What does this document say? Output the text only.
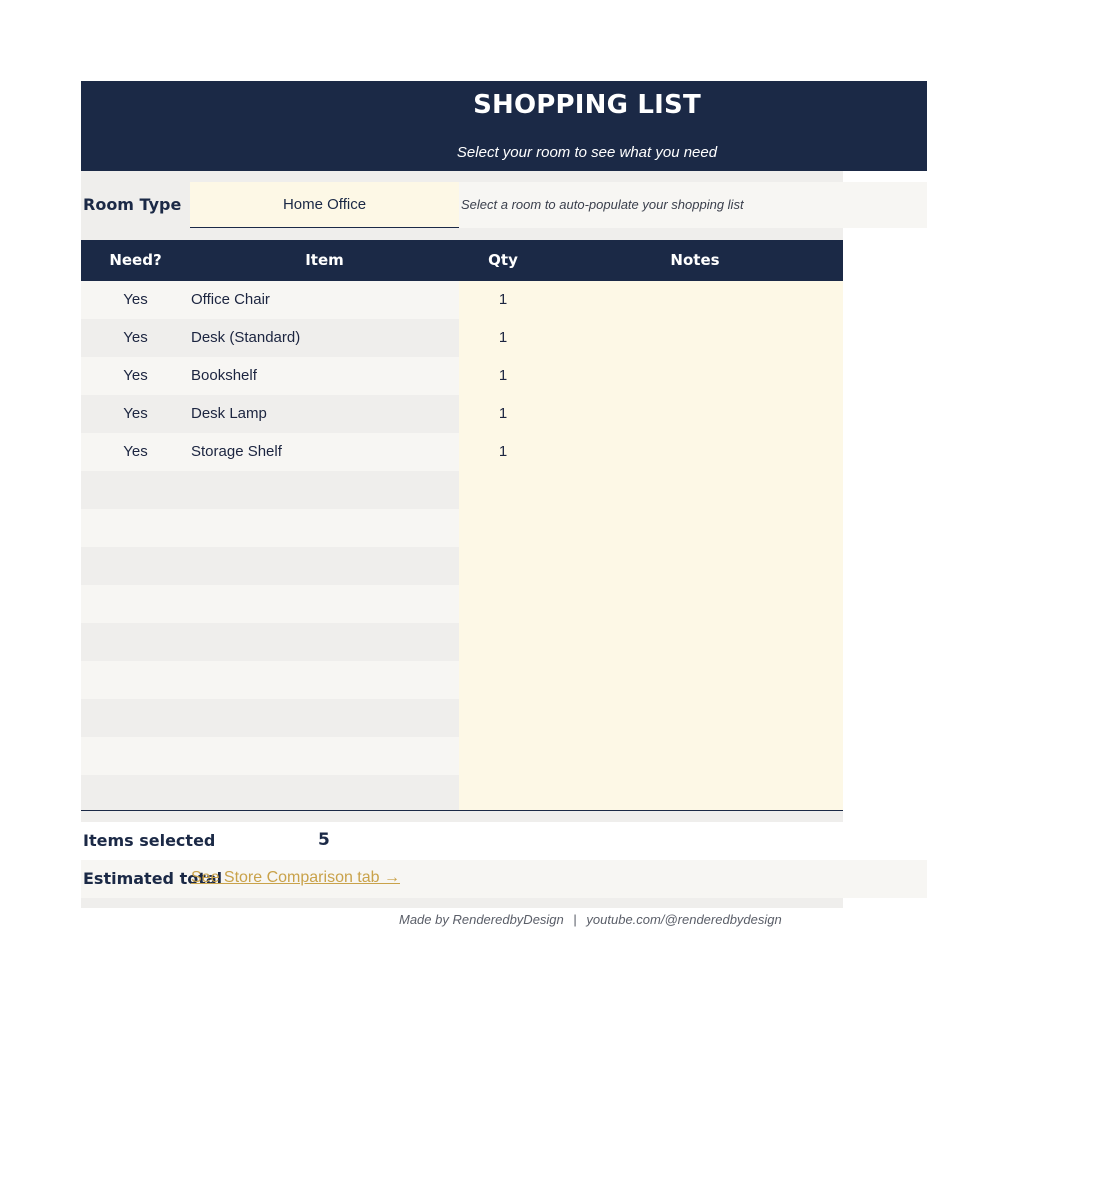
SHOPPING LIST
Select your room to see what you need
Room Type	Home Office	Select a room to auto-populate your shopping list
Need?	Item	Qty	Notes
Yes	Office Chair	1
Yes	Desk (Standard)	1
Yes	Bookshelf	1
Yes	Desk Lamp	1
Yes	Storage Shelf	1
Items selected	5
Estimated total
See Store Comparison tab →
Made by RenderedbyDesign | youtube.com/@renderedbydesign
